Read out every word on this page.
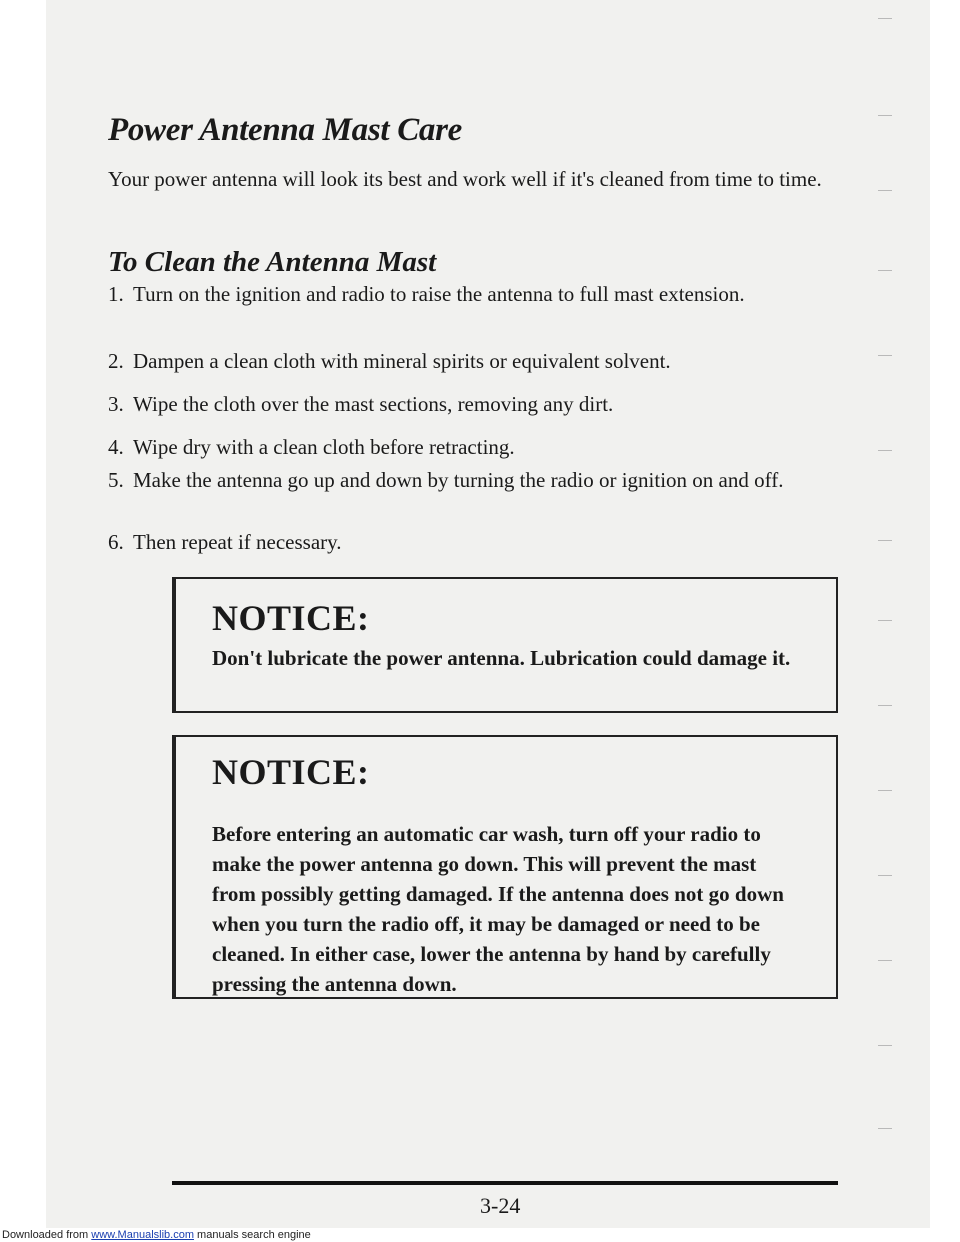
Power Antenna Mast Care

Your power antenna will look its best and work well if it's cleaned from time to time.

To Clean the Antenna Mast
1. Turn on the ignition and radio to raise the antenna to full mast extension.
2. Dampen a clean cloth with mineral spirits or equivalent solvent.
3. Wipe the cloth over the mast sections, removing any dirt.
4. Wipe dry with a clean cloth before retracting.
5. Make the antenna go up and down by turning the radio or ignition on and off.
6. Then repeat if necessary.

NOTICE:

Don't lubricate the power antenna. Lubrication could damage it.

NOTICE:

Before entering an automatic car wash, turn off your radio to make the power antenna go down. This will prevent the mast from possibly getting damaged. If the antenna does not go down when you turn the radio off, it may be damaged or need to be cleaned. In either case, lower the antenna by hand by carefully pressing the antenna down.

3-24
Downloaded from www.Manualslib.com manuals search engine
